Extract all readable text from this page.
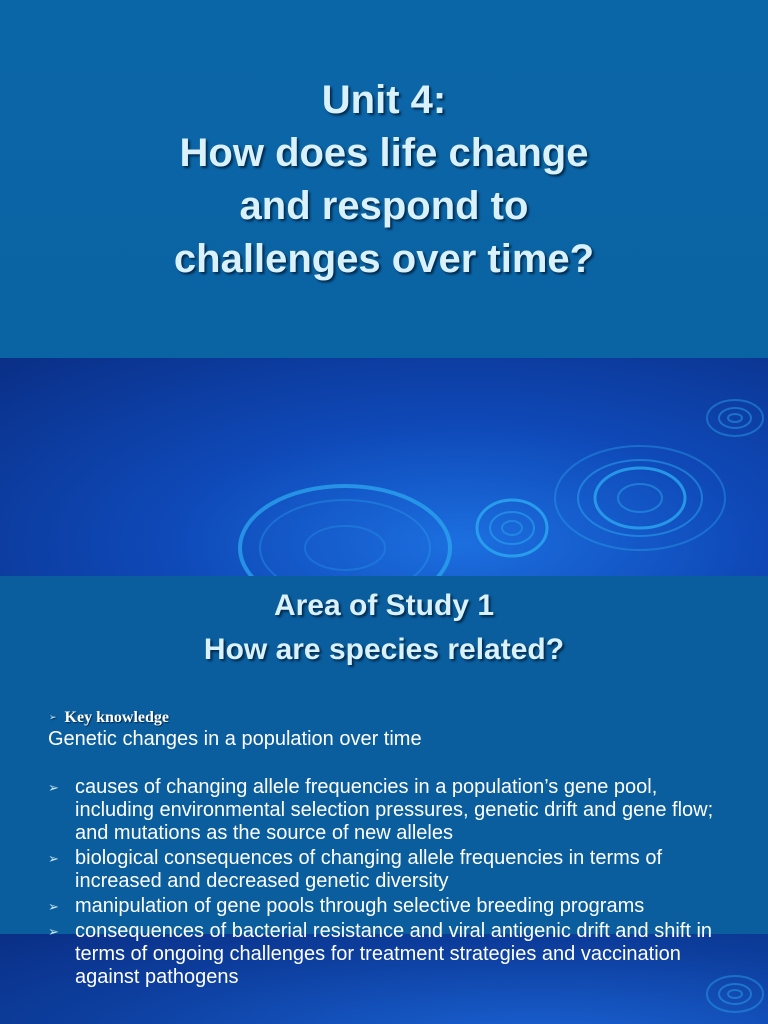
Unit 4:
How does life change
and respond to
challenges over time?
Area of Study 1
How are species related?
➢ Key knowledge
Genetic changes in a population over time
➢ causes of changing allele frequencies in a population’s gene pool, including environmental selection pressures, genetic drift and gene flow; and mutations as the source of new alleles
➢ biological consequences of changing allele frequencies in terms of increased and decreased genetic diversity
➢ manipulation of gene pools through selective breeding programs
➢ consequences of bacterial resistance and viral antigenic drift and shift in terms of ongoing challenges for treatment strategies and vaccination against pathogens
